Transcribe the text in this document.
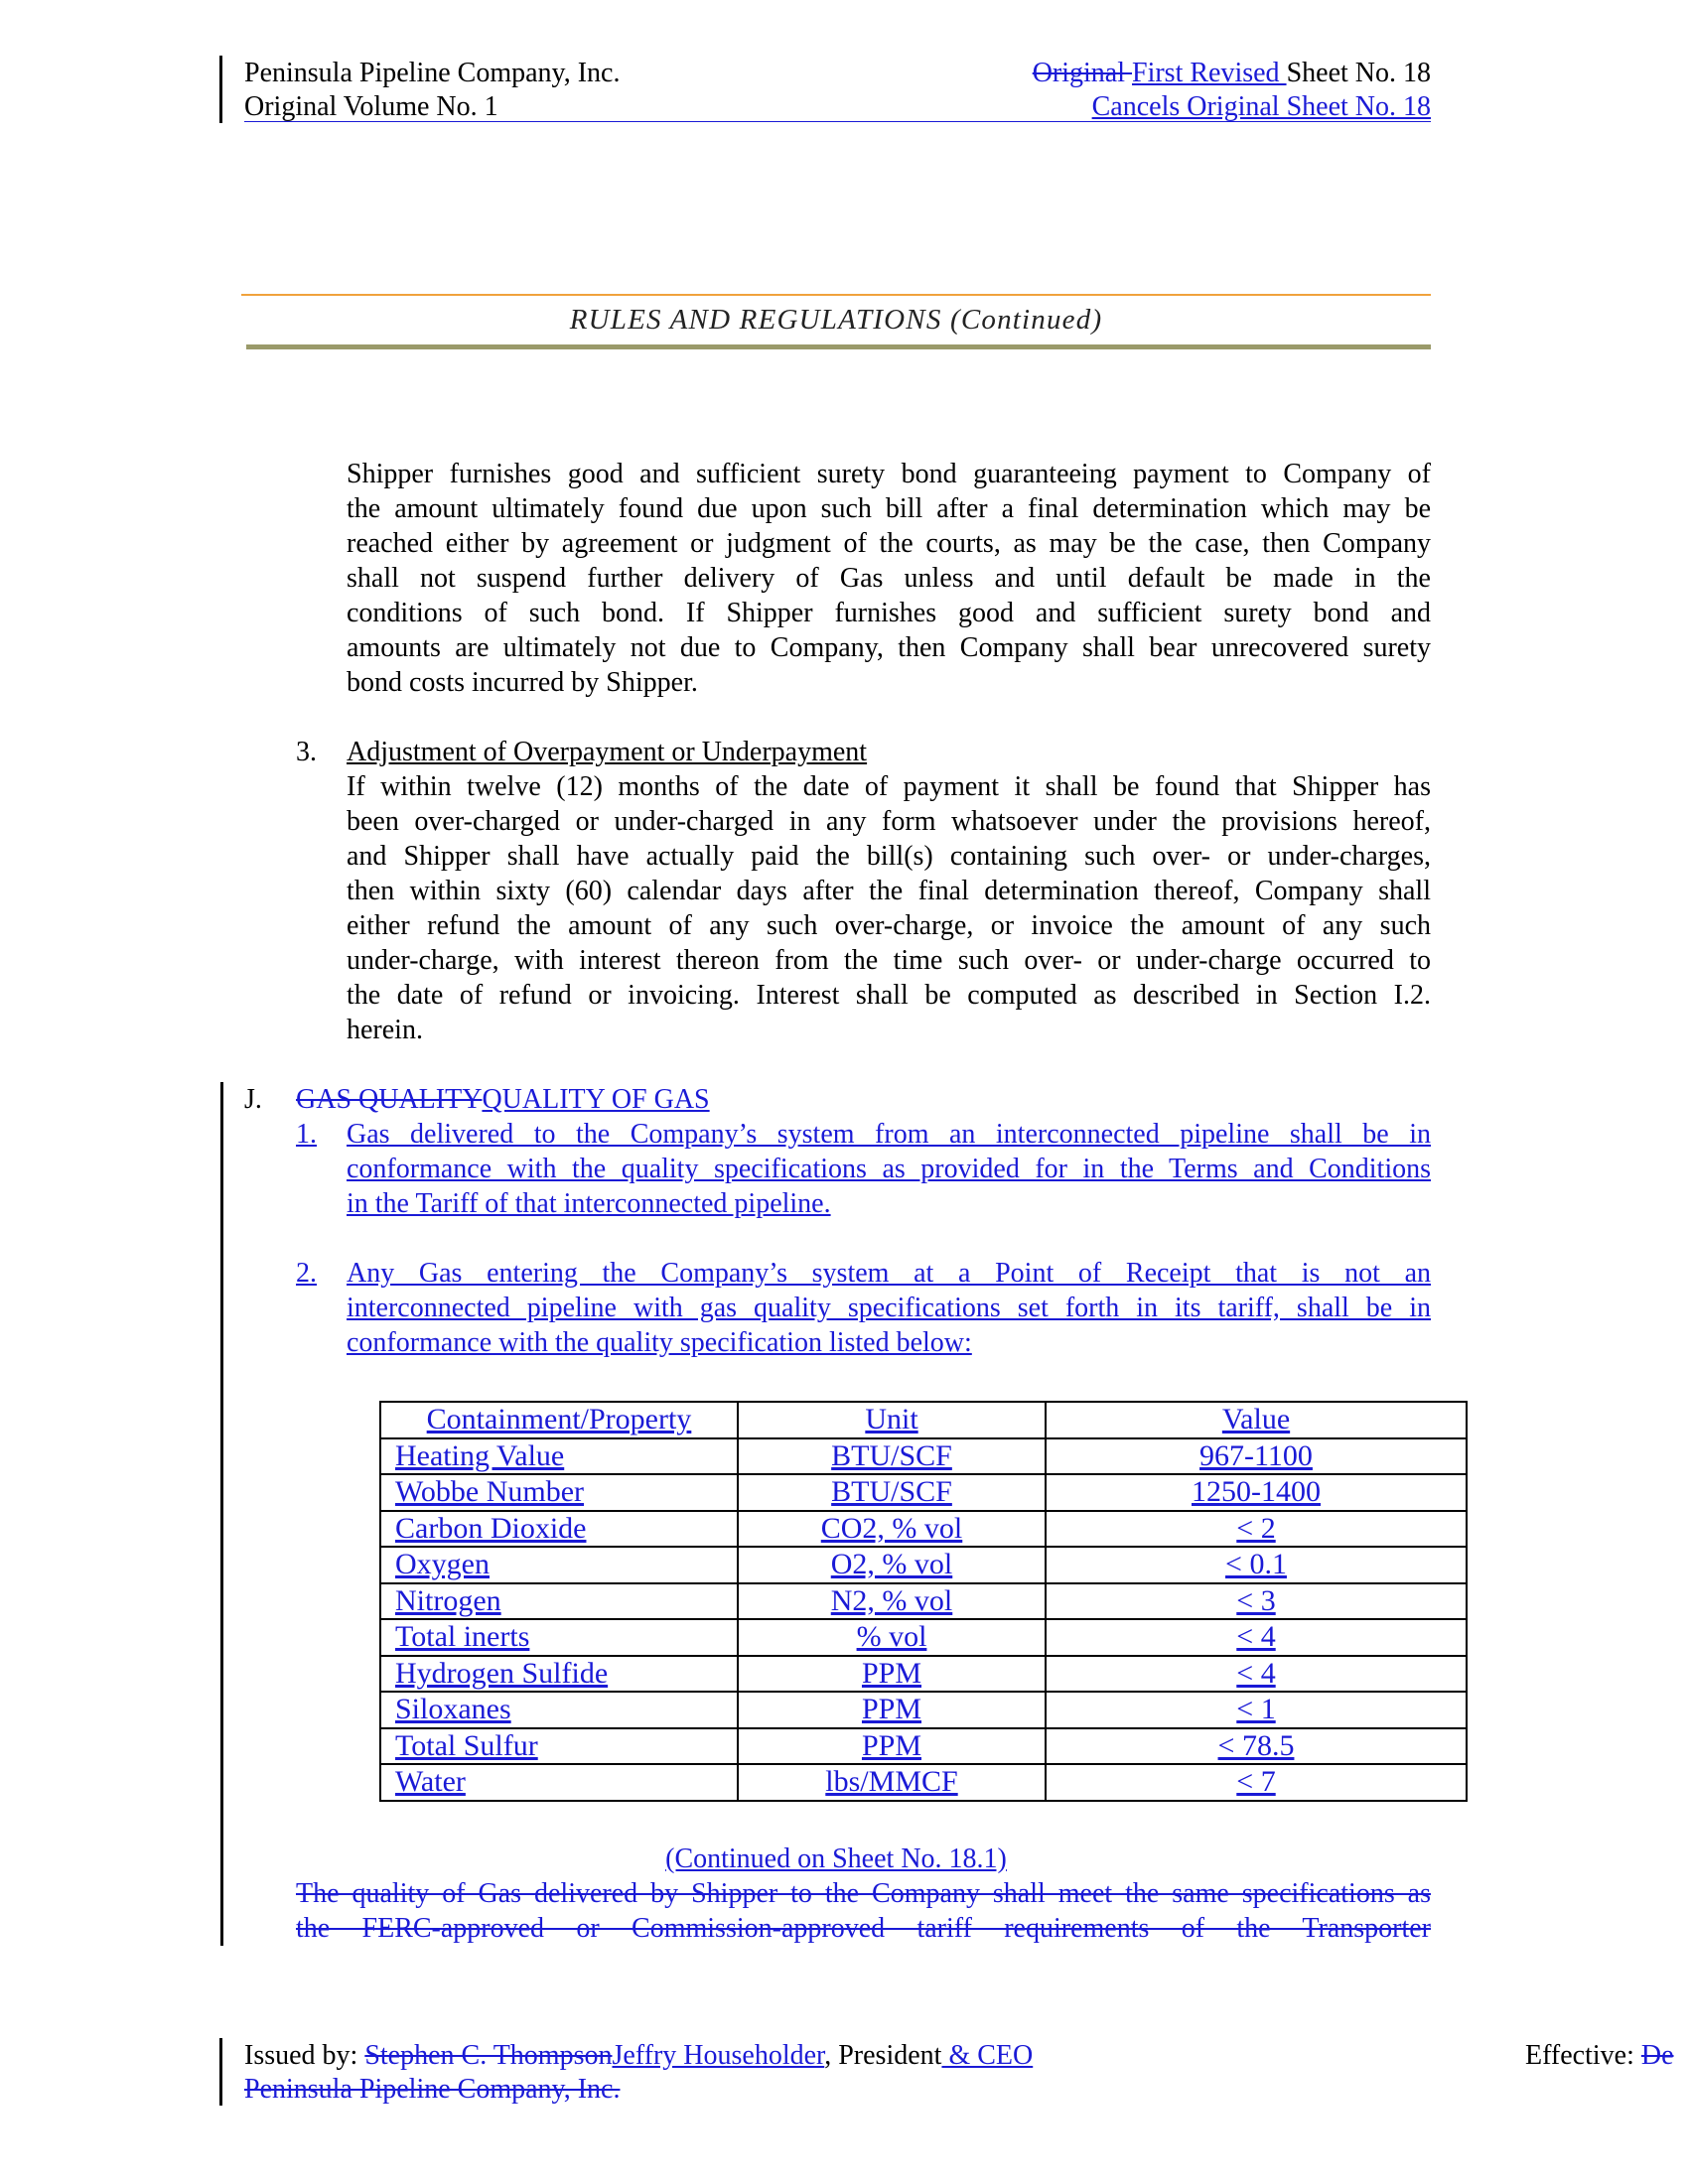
Peninsula Pipeline Company, Inc.
Original Volume No. 1
Original First Revised Sheet No. 18
Cancels Original Sheet No. 18
RULES AND REGULATIONS (Continued)
Shipper furnishes good and sufficient surety bond guaranteeing payment to Company of
the amount ultimately found due upon such bill after a final determination which may be
reached either by agreement or judgment of the courts, as may be the case, then Company
shall not suspend further delivery of Gas unless and until default be made in the
conditions of such bond. If Shipper furnishes good and sufficient surety bond and
amounts are ultimately not due to Company, then Company shall bear unrecovered surety
bond costs incurred by Shipper.
3. Adjustment of Overpayment or Underpayment
If within twelve (12) months of the date of payment it shall be found that Shipper has
been over-charged or under-charged in any form whatsoever under the provisions hereof,
and Shipper shall have actually paid the bill(s) containing such over- or under-charges,
then within sixty (60) calendar days after the final determination thereof, Company shall
either refund the amount of any such over-charge, or invoice the amount of any such
under-charge, with interest thereon from the time such over- or under-charge occurred to
the date of refund or invoicing. Interest shall be computed as described in Section I.2.
herein.
J. GAS QUALITYQUALITY OF GAS
1. Gas delivered to the Company’s system from an interconnected pipeline shall be in
conformance with the quality specifications as provided for in the Terms and Conditions
in the Tariff of that interconnected pipeline.
2. Any Gas entering the Company’s system at a Point of Receipt that is not an
interconnected pipeline with gas quality specifications set forth in its tariff, shall be in
conformance with the quality specification listed below:
Containment/Property	Unit	Value
Heating Value	BTU/SCF	967-1100
Wobbe Number	BTU/SCF	1250-1400
Carbon Dioxide	CO2, % vol	< 2
Oxygen	O2, % vol	< 0.1
Nitrogen	N2, % vol	< 3
Total inerts	% vol	< 4
Hydrogen Sulfide	PPM	< 4
Siloxanes	PPM	< 1
Total Sulfur	PPM	< 78.5
Water	lbs/MMCF	< 7
(Continued on Sheet No. 18.1)
The quality of Gas delivered by Shipper to the Company shall meet the same specifications as
the FERC-approved or Commission-approved tariff requirements of the Transporter
Issued by: Stephen C. ThompsonJeffry Householder, President & CEO
Peninsula Pipeline Company, Inc.
Effective: De
